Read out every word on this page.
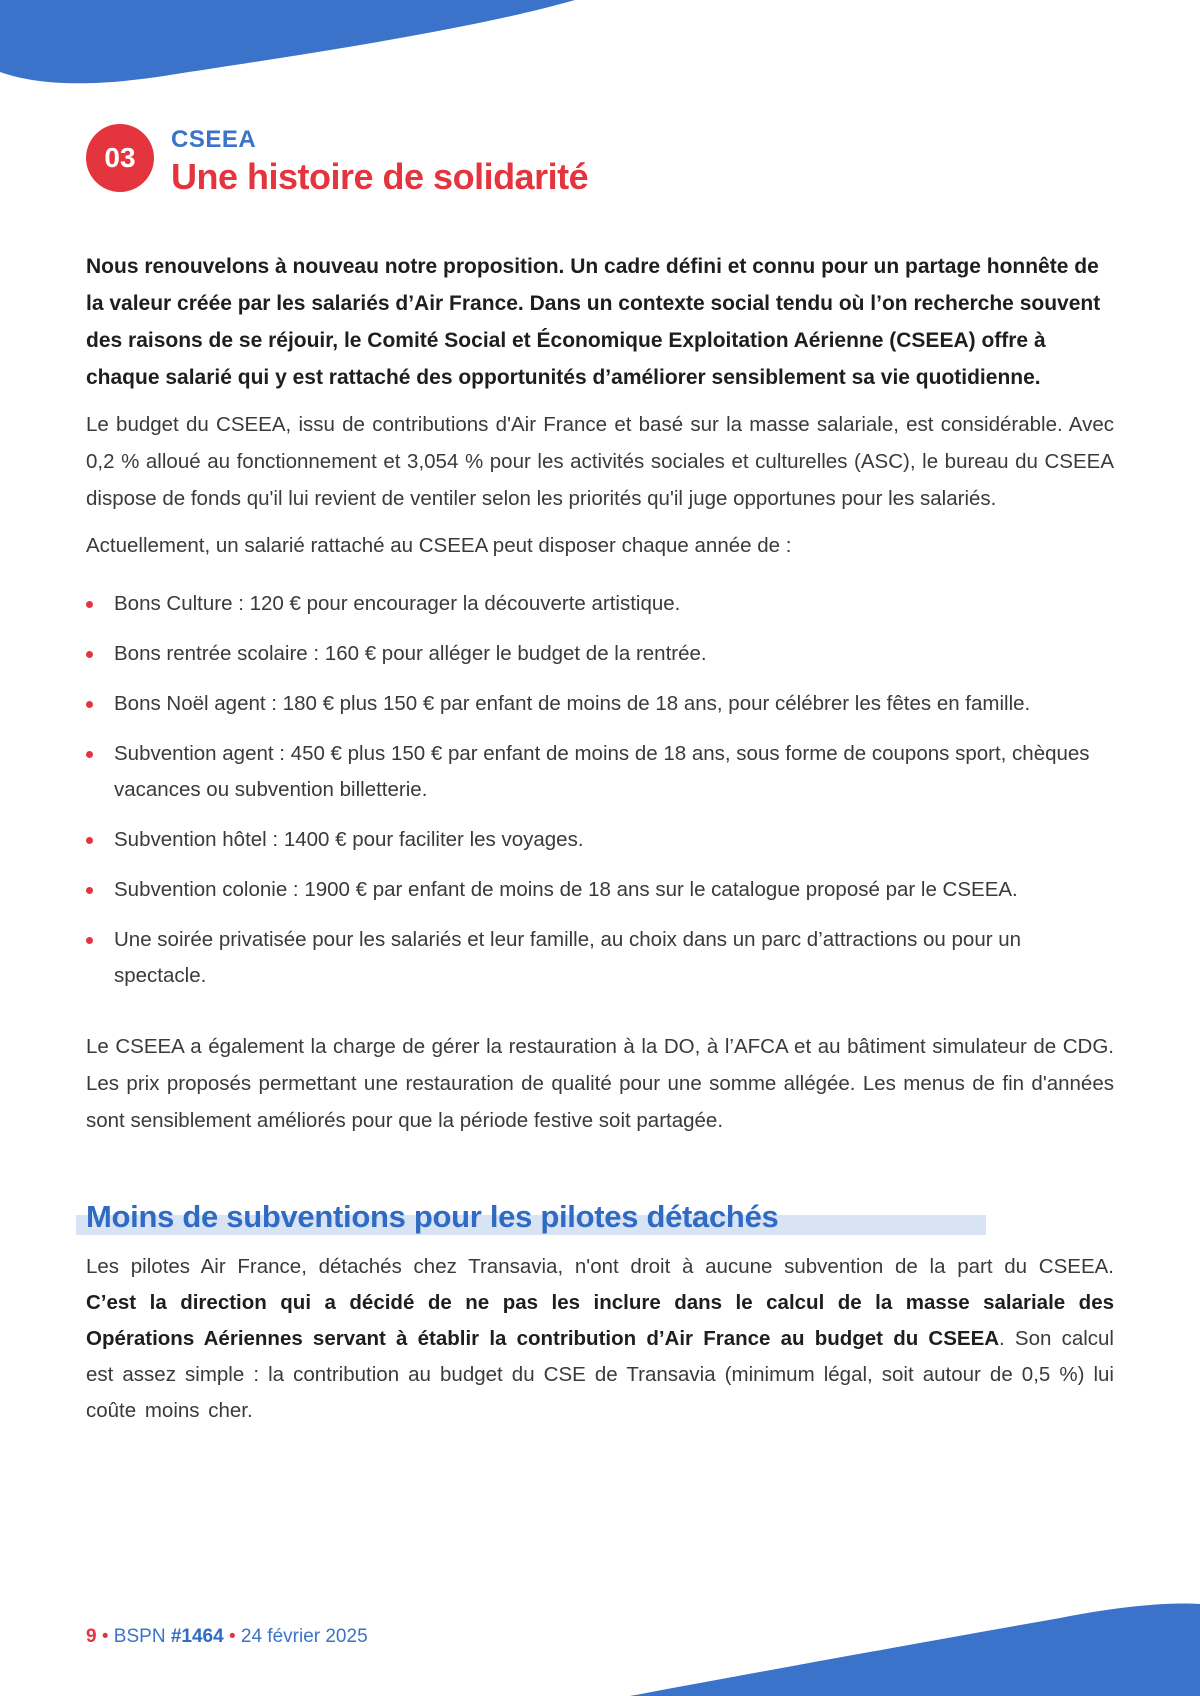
03
CSEEA
Une histoire de solidarité

Nous renouvelons à nouveau notre proposition. Un cadre défini et connu pour un partage honnête de la valeur créée par les salariés d’Air France. Dans un contexte social tendu où l’on recherche souvent des raisons de se réjouir, le Comité Social et Économique Exploitation Aérienne (CSEEA) offre à chaque salarié qui y est rattaché des opportunités d’améliorer sensiblement sa vie quotidienne.

Le budget du CSEEA, issu de contributions d'Air France et basé sur la masse salariale, est considérable. Avec 0,2 % alloué au fonctionnement et 3,054 % pour les activités sociales et culturelles (ASC), le bureau du CSEEA dispose de fonds qu'il lui revient de ventiler selon les priorités qu'il juge opportunes pour les salariés.

Actuellement, un salarié rattaché au CSEEA peut disposer chaque année de :

Bons Culture : 120 € pour encourager la découverte artistique.
Bons rentrée scolaire : 160 € pour alléger le budget de la rentrée.
Bons Noël agent : 180 € plus 150 € par enfant de moins de 18 ans, pour célébrer les fêtes en famille.
Subvention agent : 450 € plus 150 € par enfant de moins de 18 ans, sous forme de coupons sport, chèques vacances ou subvention billetterie.
Subvention hôtel : 1400 € pour faciliter les voyages.
Subvention colonie : 1900 € par enfant de moins de 18 ans sur le catalogue proposé par le CSEEA.
Une soirée privatisée pour les salariés et leur famille, au choix dans un parc d’attractions ou pour un spectacle.

Le CSEEA a également la charge de gérer la restauration à la DO, à l’AFCA et au bâtiment simulateur de CDG. Les prix proposés permettant une restauration de qualité pour une somme allégée. Les menus de fin d'années sont sensiblement améliorés pour que la période festive soit partagée.

Moins de subventions pour les pilotes détachés

Les pilotes Air France, détachés chez Transavia, n'ont droit à aucune subvention de la part du CSEEA. C’est la direction qui a décidé de ne pas les inclure dans le calcul de la masse salariale des Opérations Aériennes servant à établir la contribution d’Air France au budget du CSEEA. Son calcul est assez simple : la contribution au budget du CSE de Transavia (minimum légal, soit autour de 0,5 %) lui coûte moins cher.

9 • BSPN #1464 • 24 février 2025
